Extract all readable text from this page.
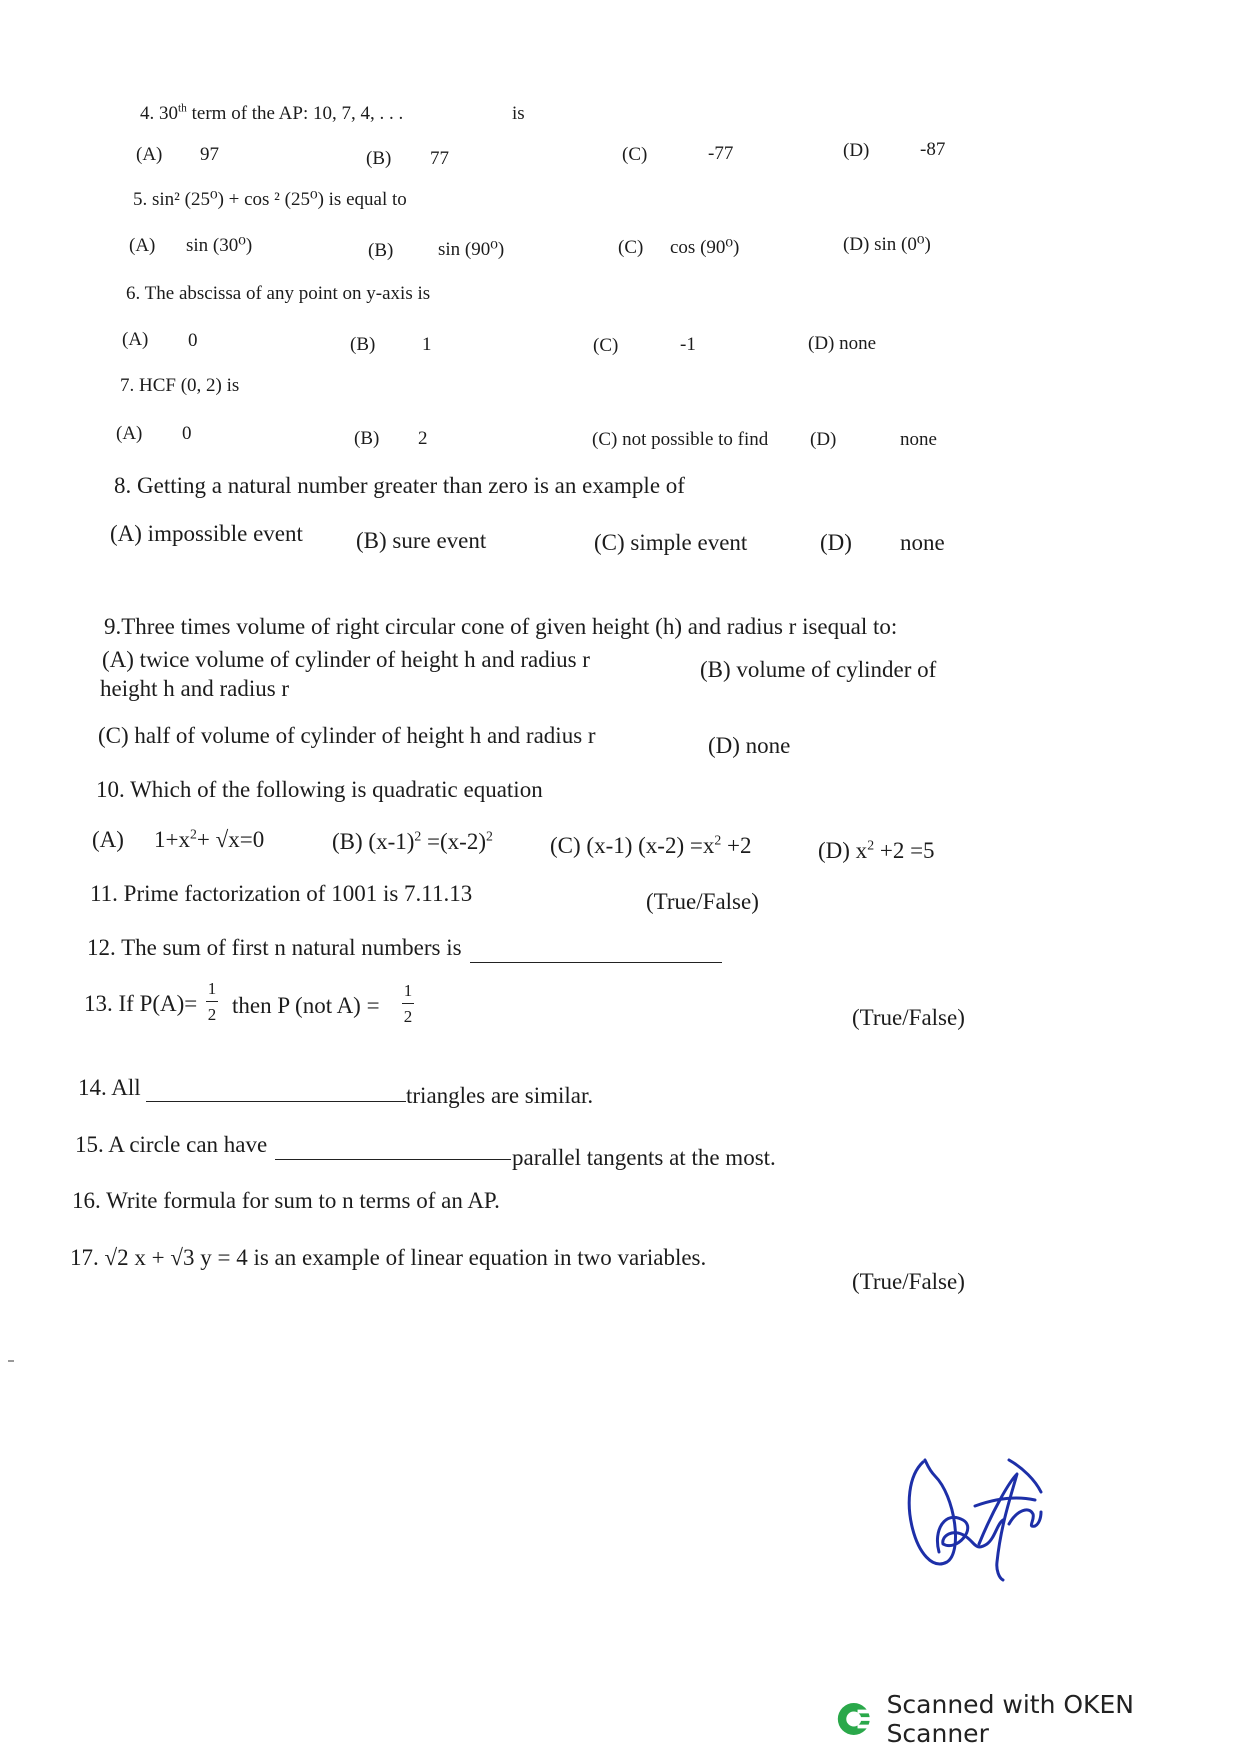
4. 30th term of the AP: 10, 7, 4, . . .	is
(A) 97	(B) 77	(C)	-77	(D)	-87
5. sin² (25⁰) + cos ² (25⁰) is equal to
(A) sin (30⁰)	(B) sin (90⁰)	(C) cos (90⁰)	(D) sin (0⁰)
6. The abscissa of any point on y-axis is
(A) 0	(B) 1	(C)	-1	(D) none
7. HCF (0, 2) is
(A) 0	(B) 2	(C) not possible to find (D)	none
8. Getting a natural number greater than zero is an example of
(A) impossible event (B) sure event	(C) simple event	(D) none
9.Three times volume of right circular cone of given height (h) and radius r isequal to:
(A) twice volume of cylinder of height h and radius r	(B) volume of cylinder of
height h and radius r
(C) half of volume of cylinder of height h and radius r	(D) none
10. Which of the following is quadratic equation
(A) $1+x^2+ √x=0$	(B) $(x-1)^2 =(x-2)^2$ (C) (x-1) $(x-2) =x^2 +2$	(D) $x^2 +2 =5$
11. Prime factorization of 1001 is 7.11.13	(True/False)
12. The sum of first n natural numbers is
13. If P(A)=
1
2 then P (not A) =
1
2	(True/False)
14. All	triangles are similar.
15. A circle can have
parallel tangents at the most.
16. Write formula for sum to n terms of an AP.
17. √2 x + √3 y = 4 is an example of linear equation in two variables.
(True/False)
Scanned with OKEN Scanner
